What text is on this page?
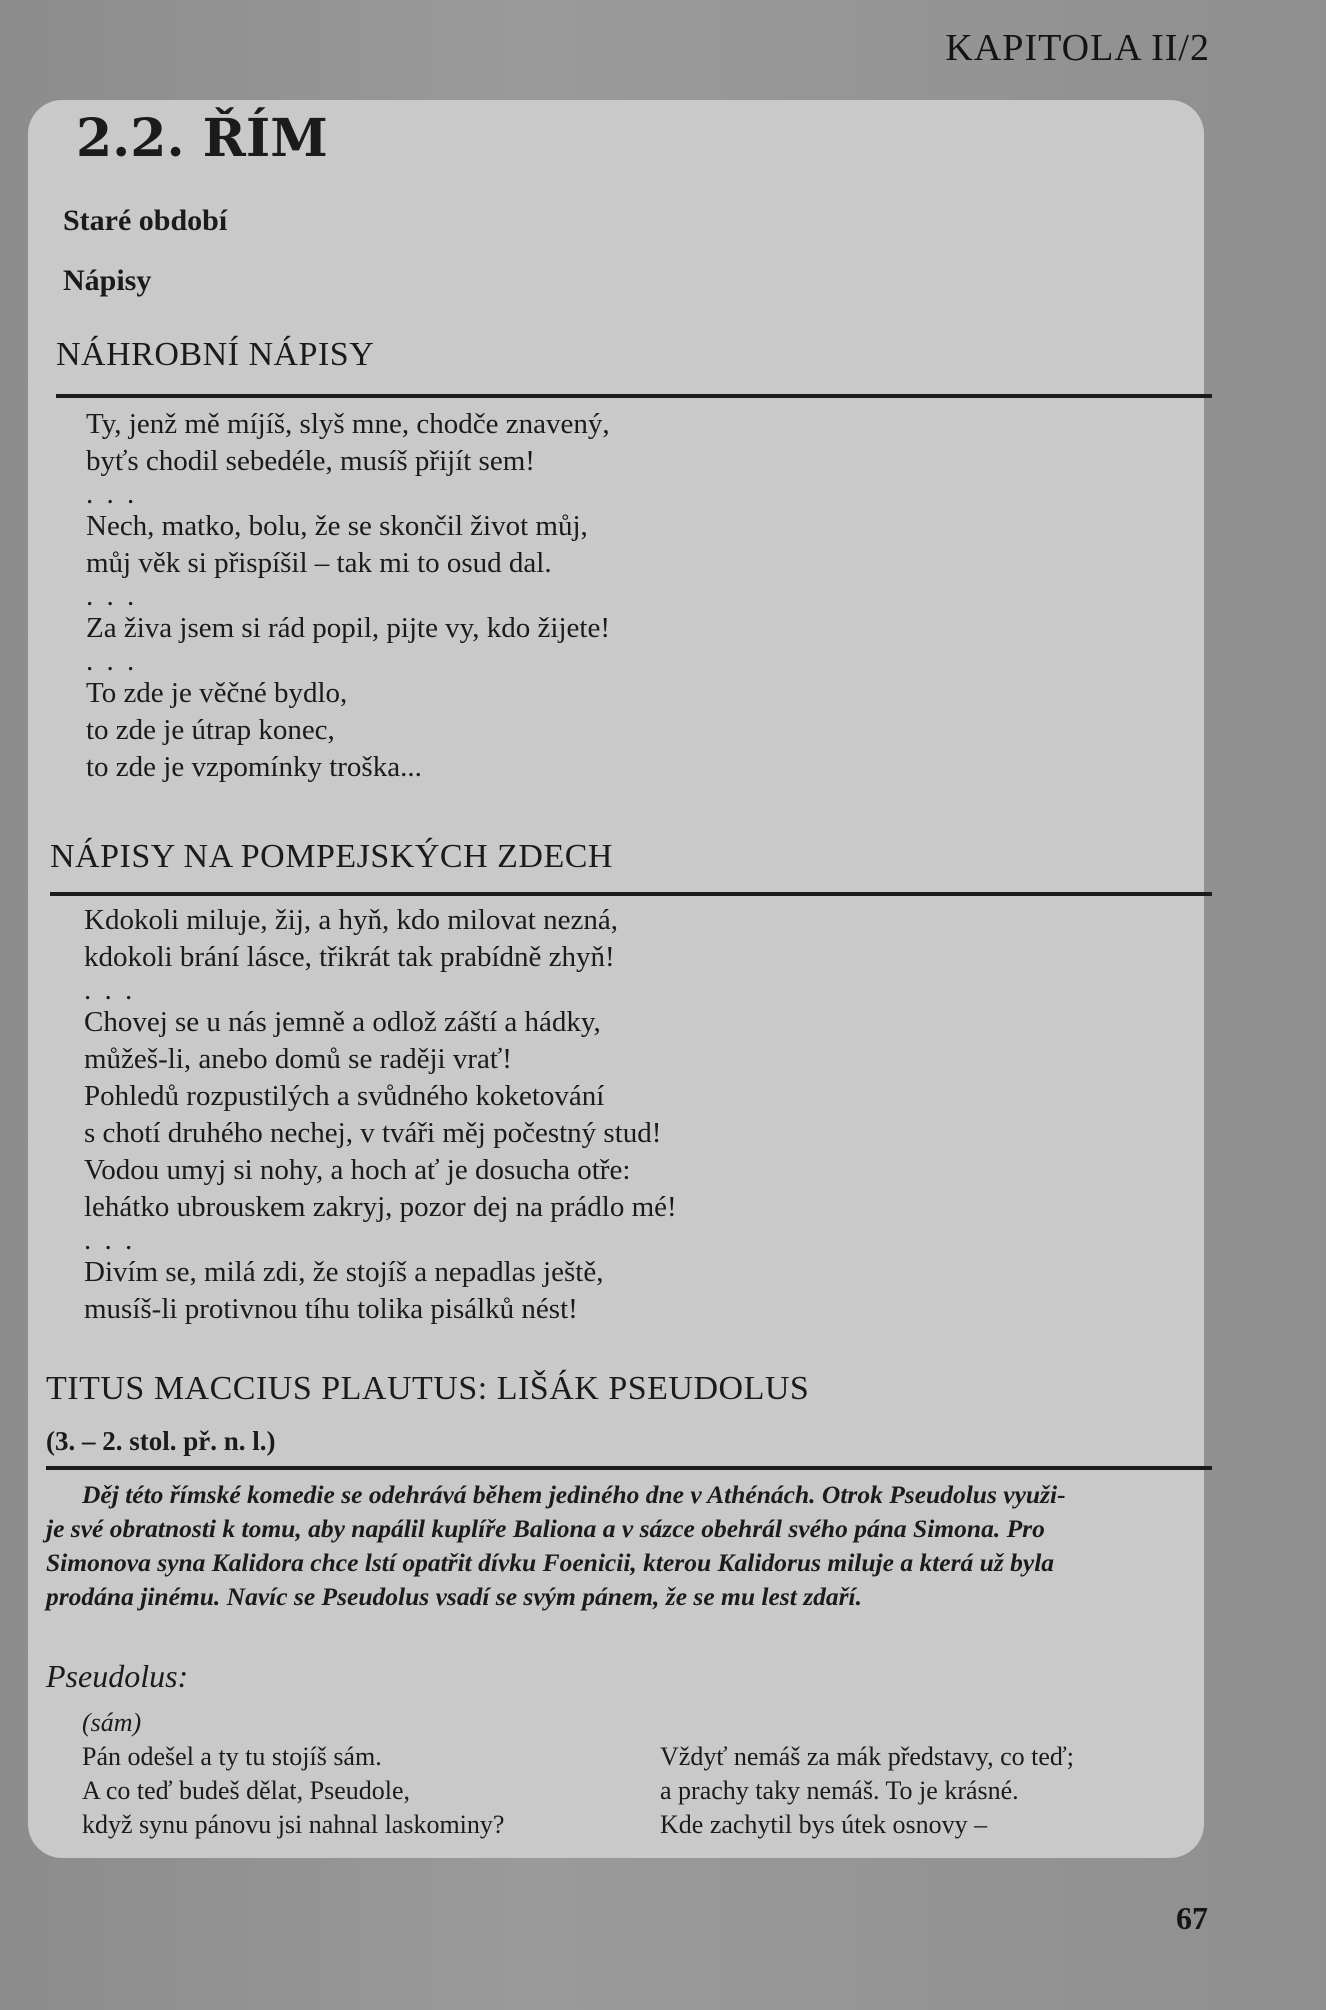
KAPITOLA II/2
2.2. ŘÍM
Staré období
Nápisy
NÁHROBNÍ NÁPISY
Ty, jenž mě míjíš, slyš mne, chodče znavený,
byťs chodil sebedéle, musíš přijít sem!
. . .
Nech, matko, bolu, že se skončil život můj,
můj věk si přispíšil – tak mi to osud dal.
. . .
Za živa jsem si rád popil, pijte vy, kdo žijete!
. . .
To zde je věčné bydlo,
to zde je útrap konec,
to zde je vzpomínky troška...
NÁPISY NA POMPEJSKÝCH ZDECH
Kdokoli miluje, žij, a hyň, kdo milovat nezná,
kdokoli brání lásce, třikrát tak prabídně zhyň!
. . .
Chovej se u nás jemně a odlož záští a hádky,
můžeš-li, anebo domů se raději vrať!
Pohledů rozpustilých a svůdného koketování
s chotí druhého nechej, v tváři měj počestný stud!
Vodou umyj si nohy, a hoch ať je dosucha otře:
lehátko ubrouskem zakryj, pozor dej na prádlo mé!
. . .
Divím se, milá zdi, že stojíš a nepadlas ještě,
musíš-li protivnou tíhu tolika pisálků nést!
TITUS MACCIUS PLAUTUS: LIŠÁK PSEUDOLUS
(3. – 2. stol. př. n. l.)
Děj této římské komedie se odehrává během jediného dne v Athénách. Otrok Pseudolus využi-
je své obratnosti k tomu, aby napálil kuplíře Baliona a v sázce obehrál svého pána Simona. Pro
Simonova syna Kalidora chce lstí opatřit dívku Foenicii, kterou Kalidorus miluje a která už byla
prodána jinému. Navíc se Pseudolus vsadí se svým pánem, že se mu lest zdaří.
Pseudolus:
(sám)
Pán odešel a ty tu stojíš sám.
A co teď budeš dělat, Pseudole,
když synu pánovu jsi nahnal laskominy?
Vždyť nemáš za mák představy, co teď;
a prachy taky nemáš. To je krásné.
Kde zachytil bys útek osnovy –
67
